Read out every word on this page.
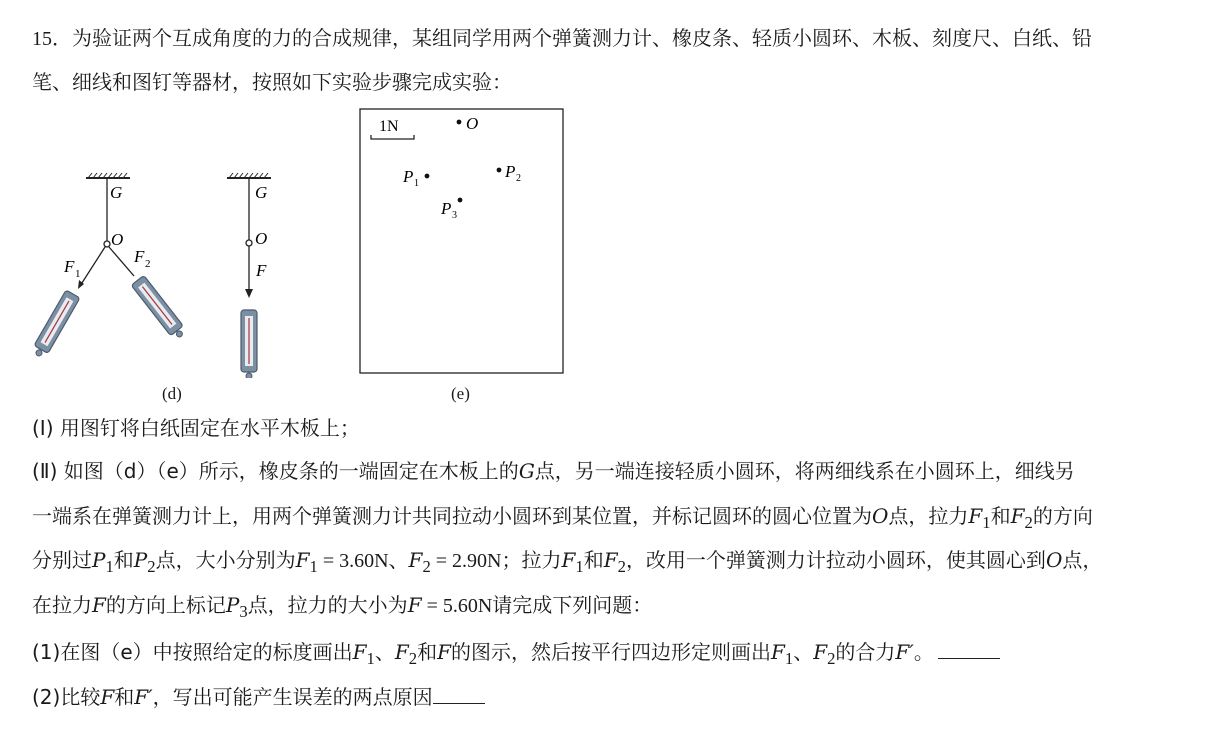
15．为验证两个互成角度的力的合成规律，某组同学用两个弹簧测力计、橡皮条、轻质小圆环、木板、刻度尺、白纸、铅
笔、细线和图钉等器材，按照如下实验步骤完成实验：
G
O
F 1
F 2
G
O
F
(d)
1N	O
P 1
P 2
P 3
(e)
(Ⅰ) 用图钉将白纸固定在水平木板上；
(Ⅱ) 如图（d）（e）所示，橡皮条的一端固定在木板上的G点，另一端连接轻质小圆环，将两细线系在小圆环上，细线另
一端系在弹簧测力计上，用两个弹簧测力计共同拉动小圆环到某位置，并标记圆环的圆心位置为O点，拉力$F_1$和$F_2$的方向
分别过$P_1$和$P_2$点，大小分别为$F_1 = 3.60N$、$F_2 = 2.90N$；拉力$F_1$和$F_2$，改用一个弹簧测力计拉动小圆环，使其圆心到O点，
在拉力F的方向上标记$P_3$点，拉力的大小为F = 5.60N请完成下列问题：
(1)在图（e）中按照给定的标度画出$F_1$、$F_2$和F的图示，然后按平行四边形定则画出$F_1$、$F_2$的合力F′。
(2)比较F和F′，写出可能产生误差的两点原因
